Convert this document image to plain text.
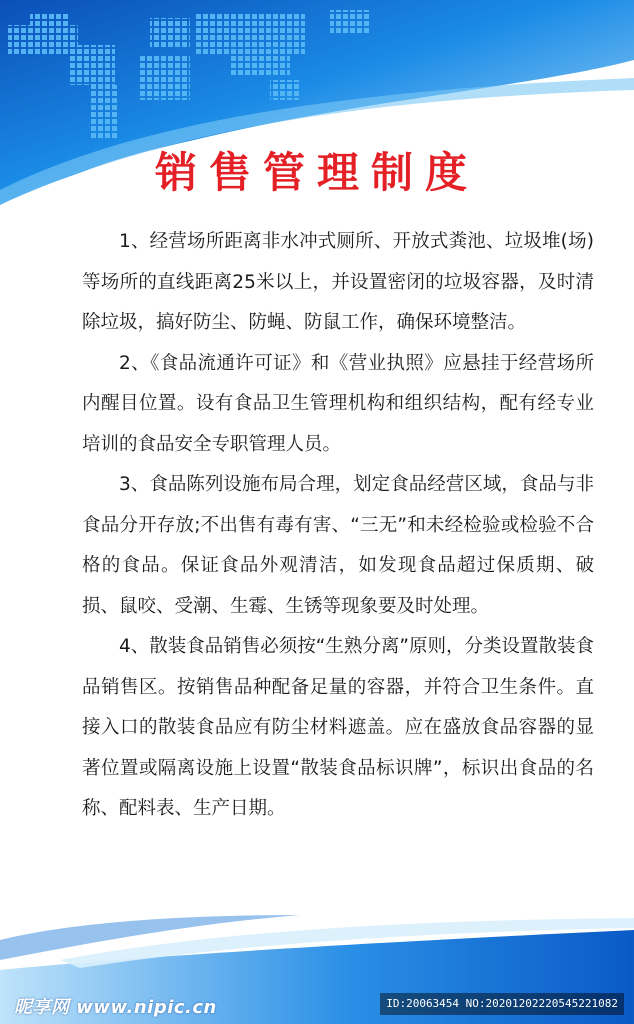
销售管理制度

1、经营场所距离非水冲式厕所、开放式粪池、垃圾堆(场)等场所的直线距离25米以上，并设置密闭的垃圾容器，及时清除垃圾，搞好防尘、防蝇、防鼠工作，确保环境整洁。

2、《食品流通许可证》和《营业执照》应悬挂于经营场所内醒目位置。设有食品卫生管理机构和组织结构，配有经专业培训的食品安全专职管理人员。

3、食品陈列设施布局合理，划定食品经营区域，食品与非食品分开存放;不出售有毒有害、“三无”和未经检验或检验不合格的食品。保证食品外观清洁，如发现食品超过保质期、破损、鼠咬、受潮、生霉、生锈等现象要及时处理。

4、散装食品销售必须按“生熟分离”原则，分类设置散装食品销售区。按销售品种配备足量的容器，并符合卫生条件。直接入口的散装食品应有防尘材料遮盖。应在盛放食品容器的显著位置或隔离设施上设置“散装食品标识牌”，标识出食品的名称、配料表、生产日期。

昵享网 www.nipic.cn	ID:20063454 NO:20201202220545221082
